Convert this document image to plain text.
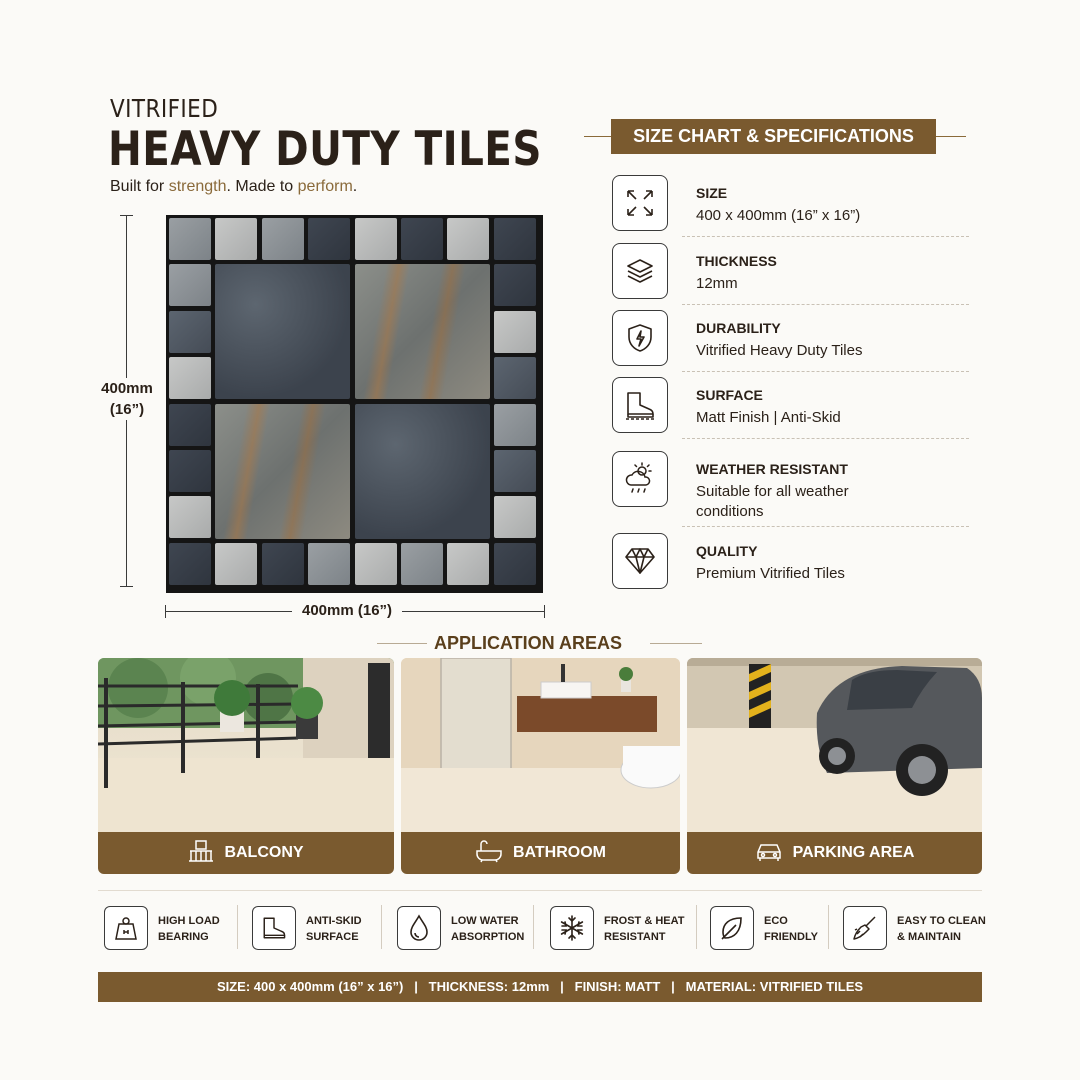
VITRIFIED
HEAVY DUTY TILES
Built for strength. Made to perform.
400mm
(16”)
400mm (16”)
SIZE CHART & SPECIFICATIONS
SIZE
400 x 400mm (16” x 16”)
THICKNESS
12mm
DURABILITY
Vitrified Heavy Duty Tiles
SURFACE
Matt Finish | Anti-Skid
WEATHER RESISTANT
Suitable for all weather conditions
QUALITY
Premium Vitrified Tiles
APPLICATION AREAS
BALCONY	BATHROOM	PARKING AREA
HIGH LOAD
BEARING
ANTI-SKID
SURFACE
LOW WATER
ABSORPTION
FROST & HEAT
RESISTANT
ECO
FRIENDLY
EASY TO CLEAN
& MAINTAIN
SIZE: 400 x 400mm (16” x 16”)   |   THICKNESS: 12mm   |   FINISH: MATT   |   MATERIAL: VITRIFIED TILES
